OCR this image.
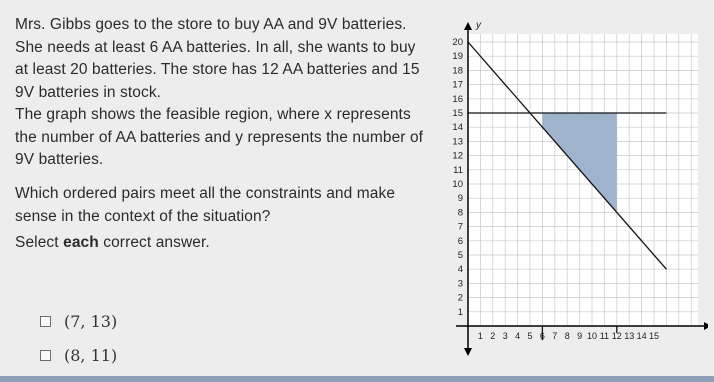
Mrs. Gibbs goes to the store to buy AA and 9V batteries. She needs at least 6 AA batteries. In all, she wants to buy at least 20 batteries. The store has 12 AA batteries and 15 9V batteries in stock.

The graph shows the feasible region, where x represents the number of AA batteries and y represents the number of 9V batteries.

Which ordered pairs meet all the constraints and make sense in the context of the situation?

Select each correct answer.

(7, 13)
(8, 11)
1 2 3 4 5 6 7 8 9 10 11 12 13 14 15
1
2
3
4
5
6
7
8
9
10
11
12
13
14
15
16
17
18
19
20
y
